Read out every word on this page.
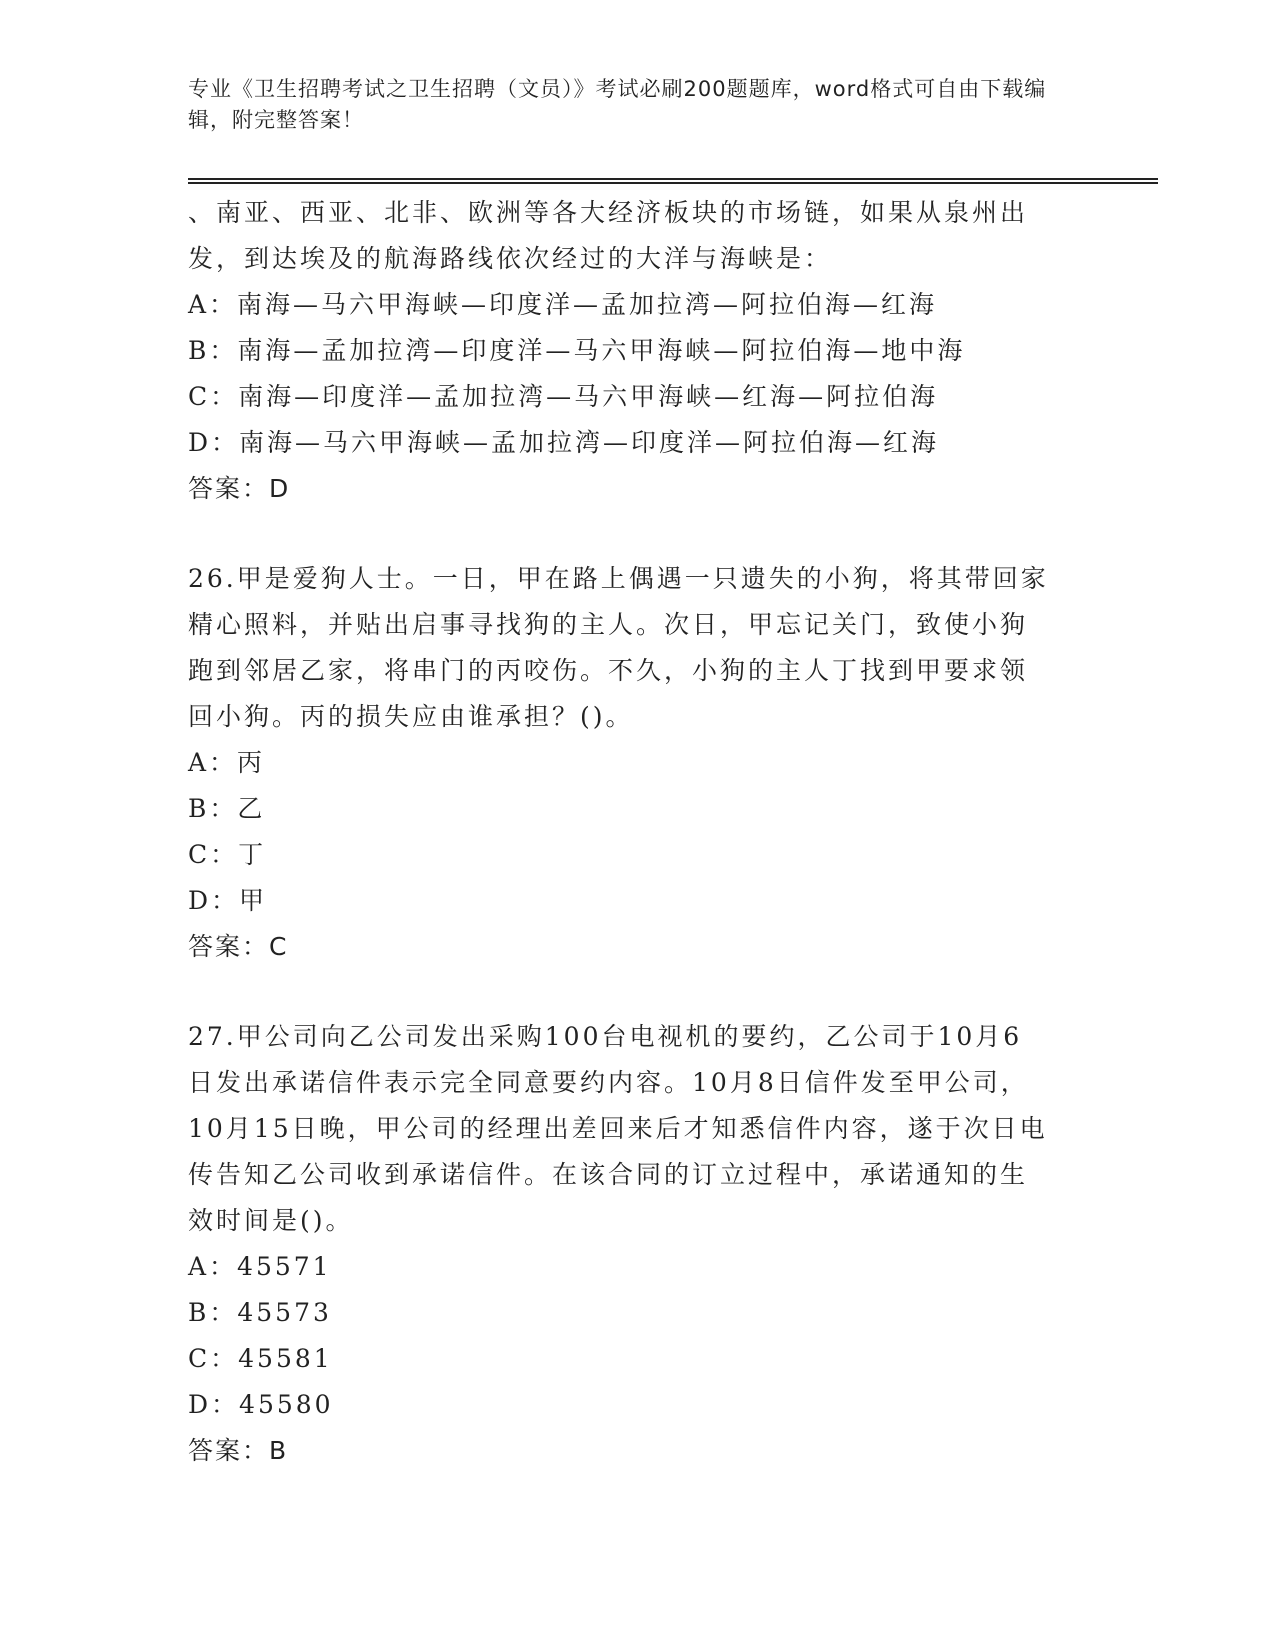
专业《卫生招聘考试之卫生招聘（文员）》考试必刷200题题库，word格式可自由下载编辑，附完整答案！
、南亚、西亚、北非、欧洲等各大经济板块的市场链，如果从泉州出
发，到达埃及的航海路线依次经过的大洋与海峡是：
A：南海—马六甲海峡—印度洋—孟加拉湾—阿拉伯海—红海
B：南海—孟加拉湾—印度洋—马六甲海峡—阿拉伯海—地中海
C：南海—印度洋—孟加拉湾—马六甲海峡—红海—阿拉伯海
D：南海—马六甲海峡—孟加拉湾—印度洋—阿拉伯海—红海
答案：D
26.甲是爱狗人士。一日，甲在路上偶遇一只遗失的小狗，将其带回家
精心照料，并贴出启事寻找狗的主人。次日，甲忘记关门，致使小狗
跑到邻居乙家，将串门的丙咬伤。不久，小狗的主人丁找到甲要求领
回小狗。丙的损失应由谁承担？()。
A：丙
B：乙
C：丁
D：甲
答案：C
27.甲公司向乙公司发出采购100台电视机的要约，乙公司于10月6
日发出承诺信件表示完全同意要约内容。10月8日信件发至甲公司，
10月15日晚，甲公司的经理出差回来后才知悉信件内容，遂于次日电
传告知乙公司收到承诺信件。在该合同的订立过程中，承诺通知的生
效时间是()。
A：45571
B：45573
C：45581
D：45580
答案：B
